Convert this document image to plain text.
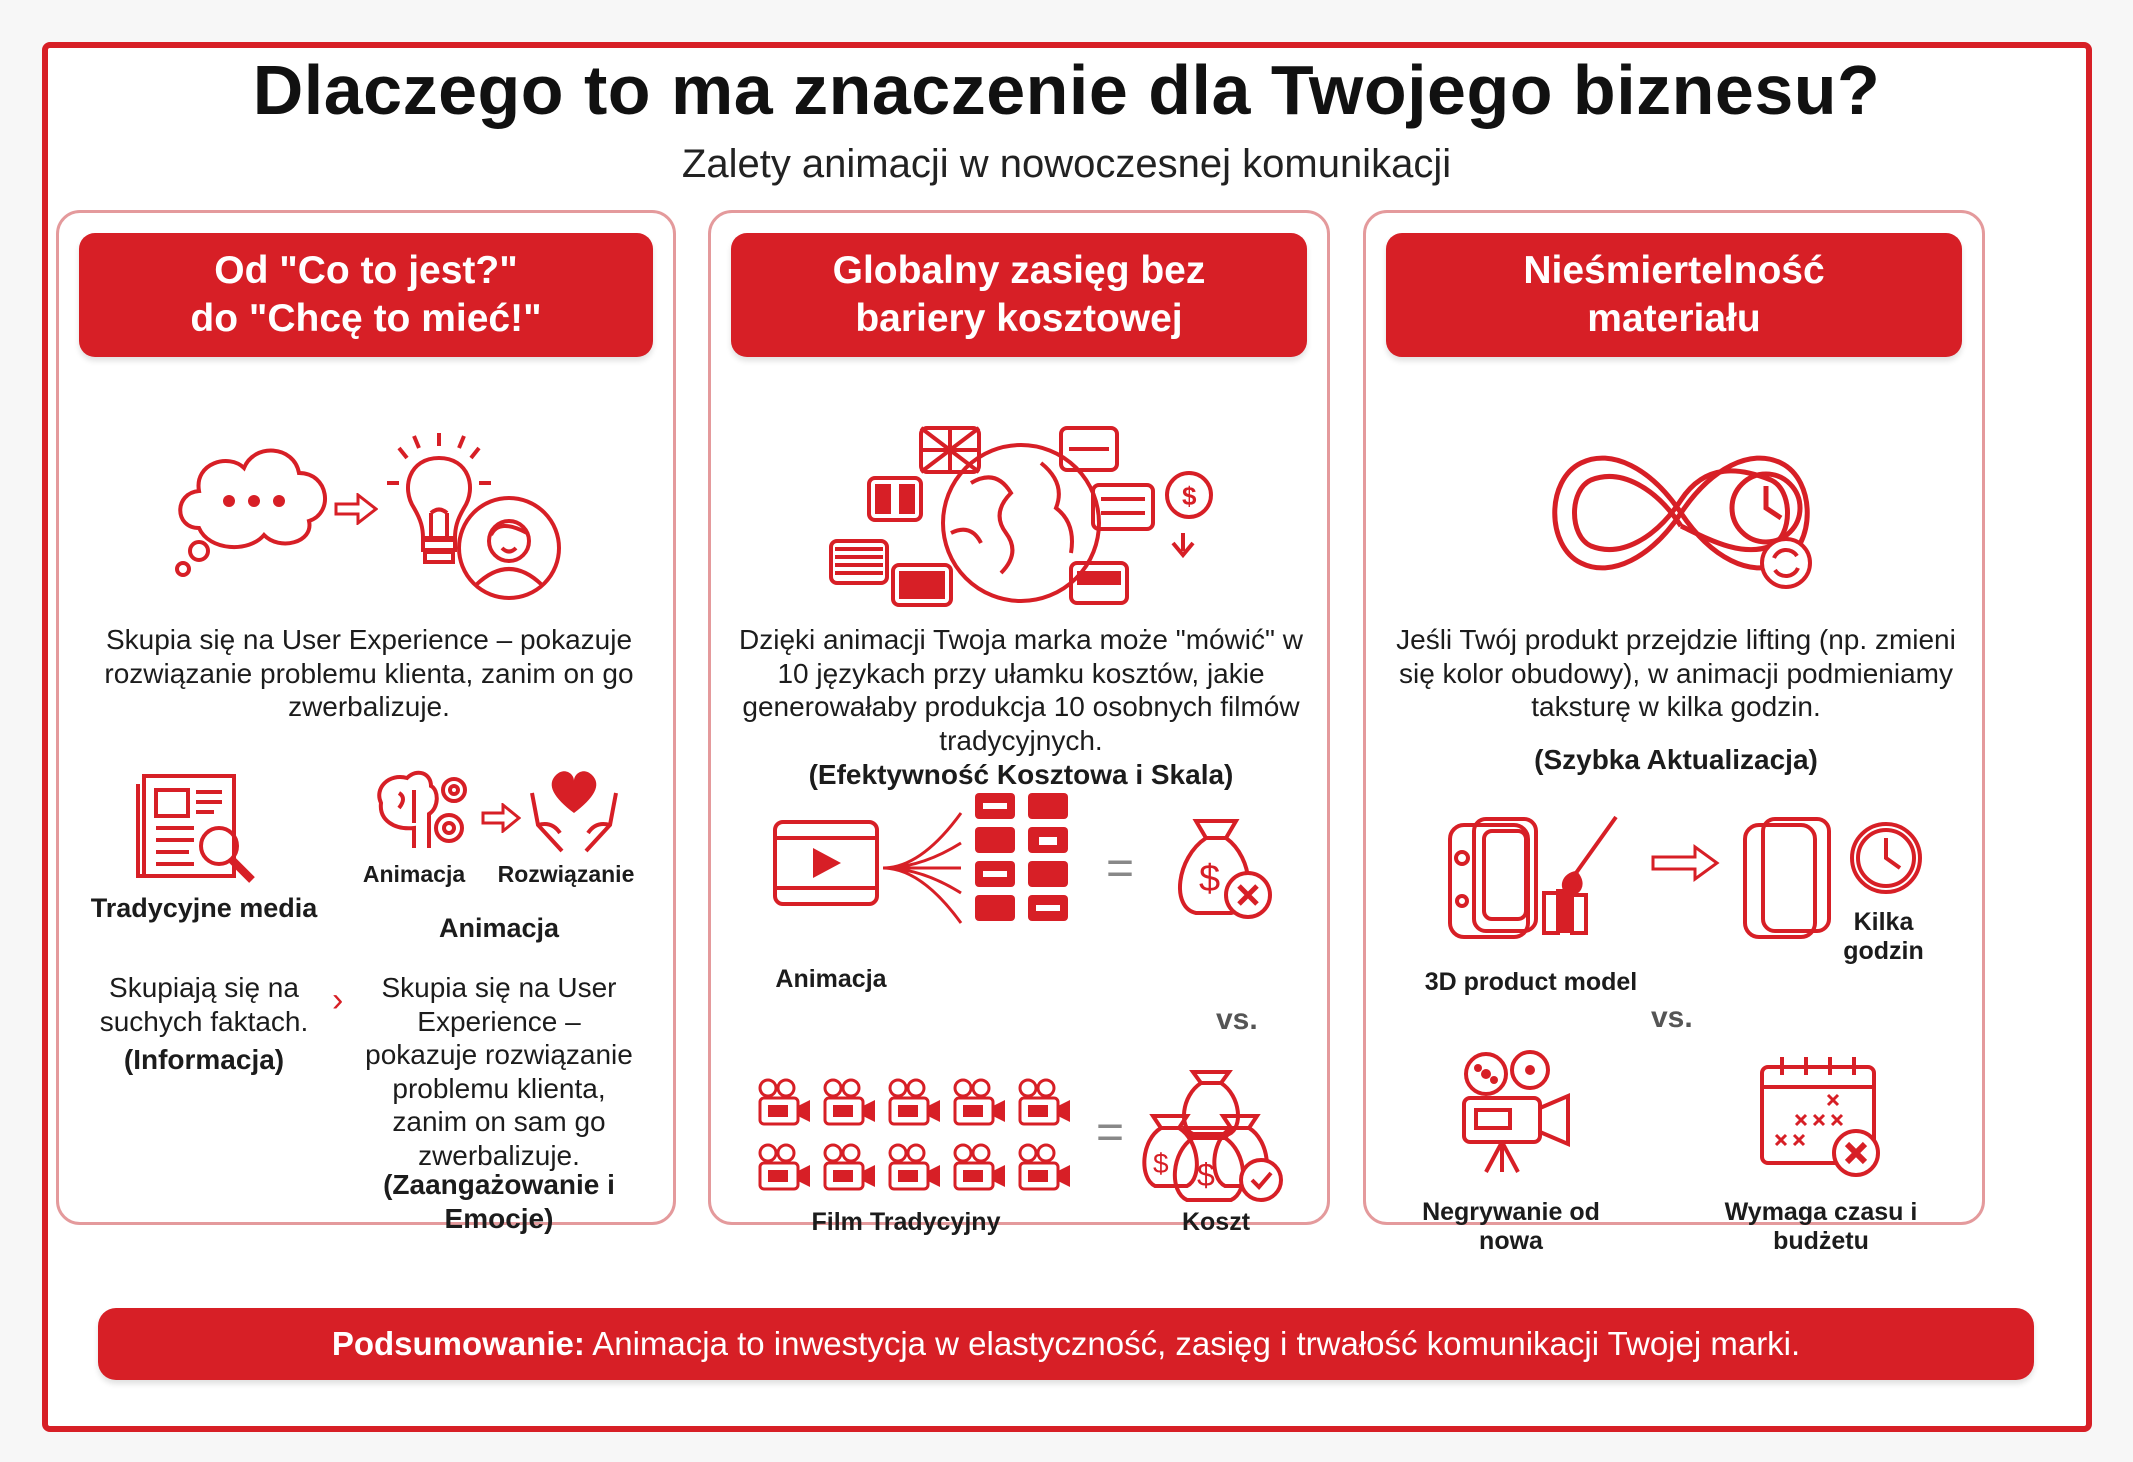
Dlaczego to ma znaczenie dla Twojego biznesu?
Zalety animacji w nowoczesnej komunikacji
Od "Co to jest?"
do "Chcę to mieć!"
Skupia się na User Experience – pokazuje rozwiązanie problemu klienta, zanim on go zwerbalizuje.
Tradycyjne media
Skupiają się na suchych faktach.
(Informacja)
›
Animacja Rozwiązanie
Animacja
Skupia się na User Experience – pokazuje rozwiązanie problemu klienta, zanim on sam go zwerbalizuje.
(Zaangażowanie i Emocje)
Globalny zasięg bez
bariery kosztowej
$
Dzięki animacji Twoja marka może "mówić" w 10 językach przy ułamku kosztów, jakie generowałaby produkcja 10 osobnych filmów tradycyjnych.
(Efektywność Kosztowa i Skala)
= $
Animacja
vs.
=
$ $
Film Tradycyjny	Koszt
Nieśmiertelność
materiału
Jeśli Twój produkt przejdzie lifting (np. zmieni się kolor obudowy), w animacji podmieniamy taksturę w kilka godzin.
(Szybka Aktualizacja)
3D product model
Kilka godzin
vs.
Negrywanie od nowa
Wymaga czasu i budżetu
Podsumowanie: Animacja to inwestycja w elastyczność, zasięg i trwałość komunikacji Twojej marki.
